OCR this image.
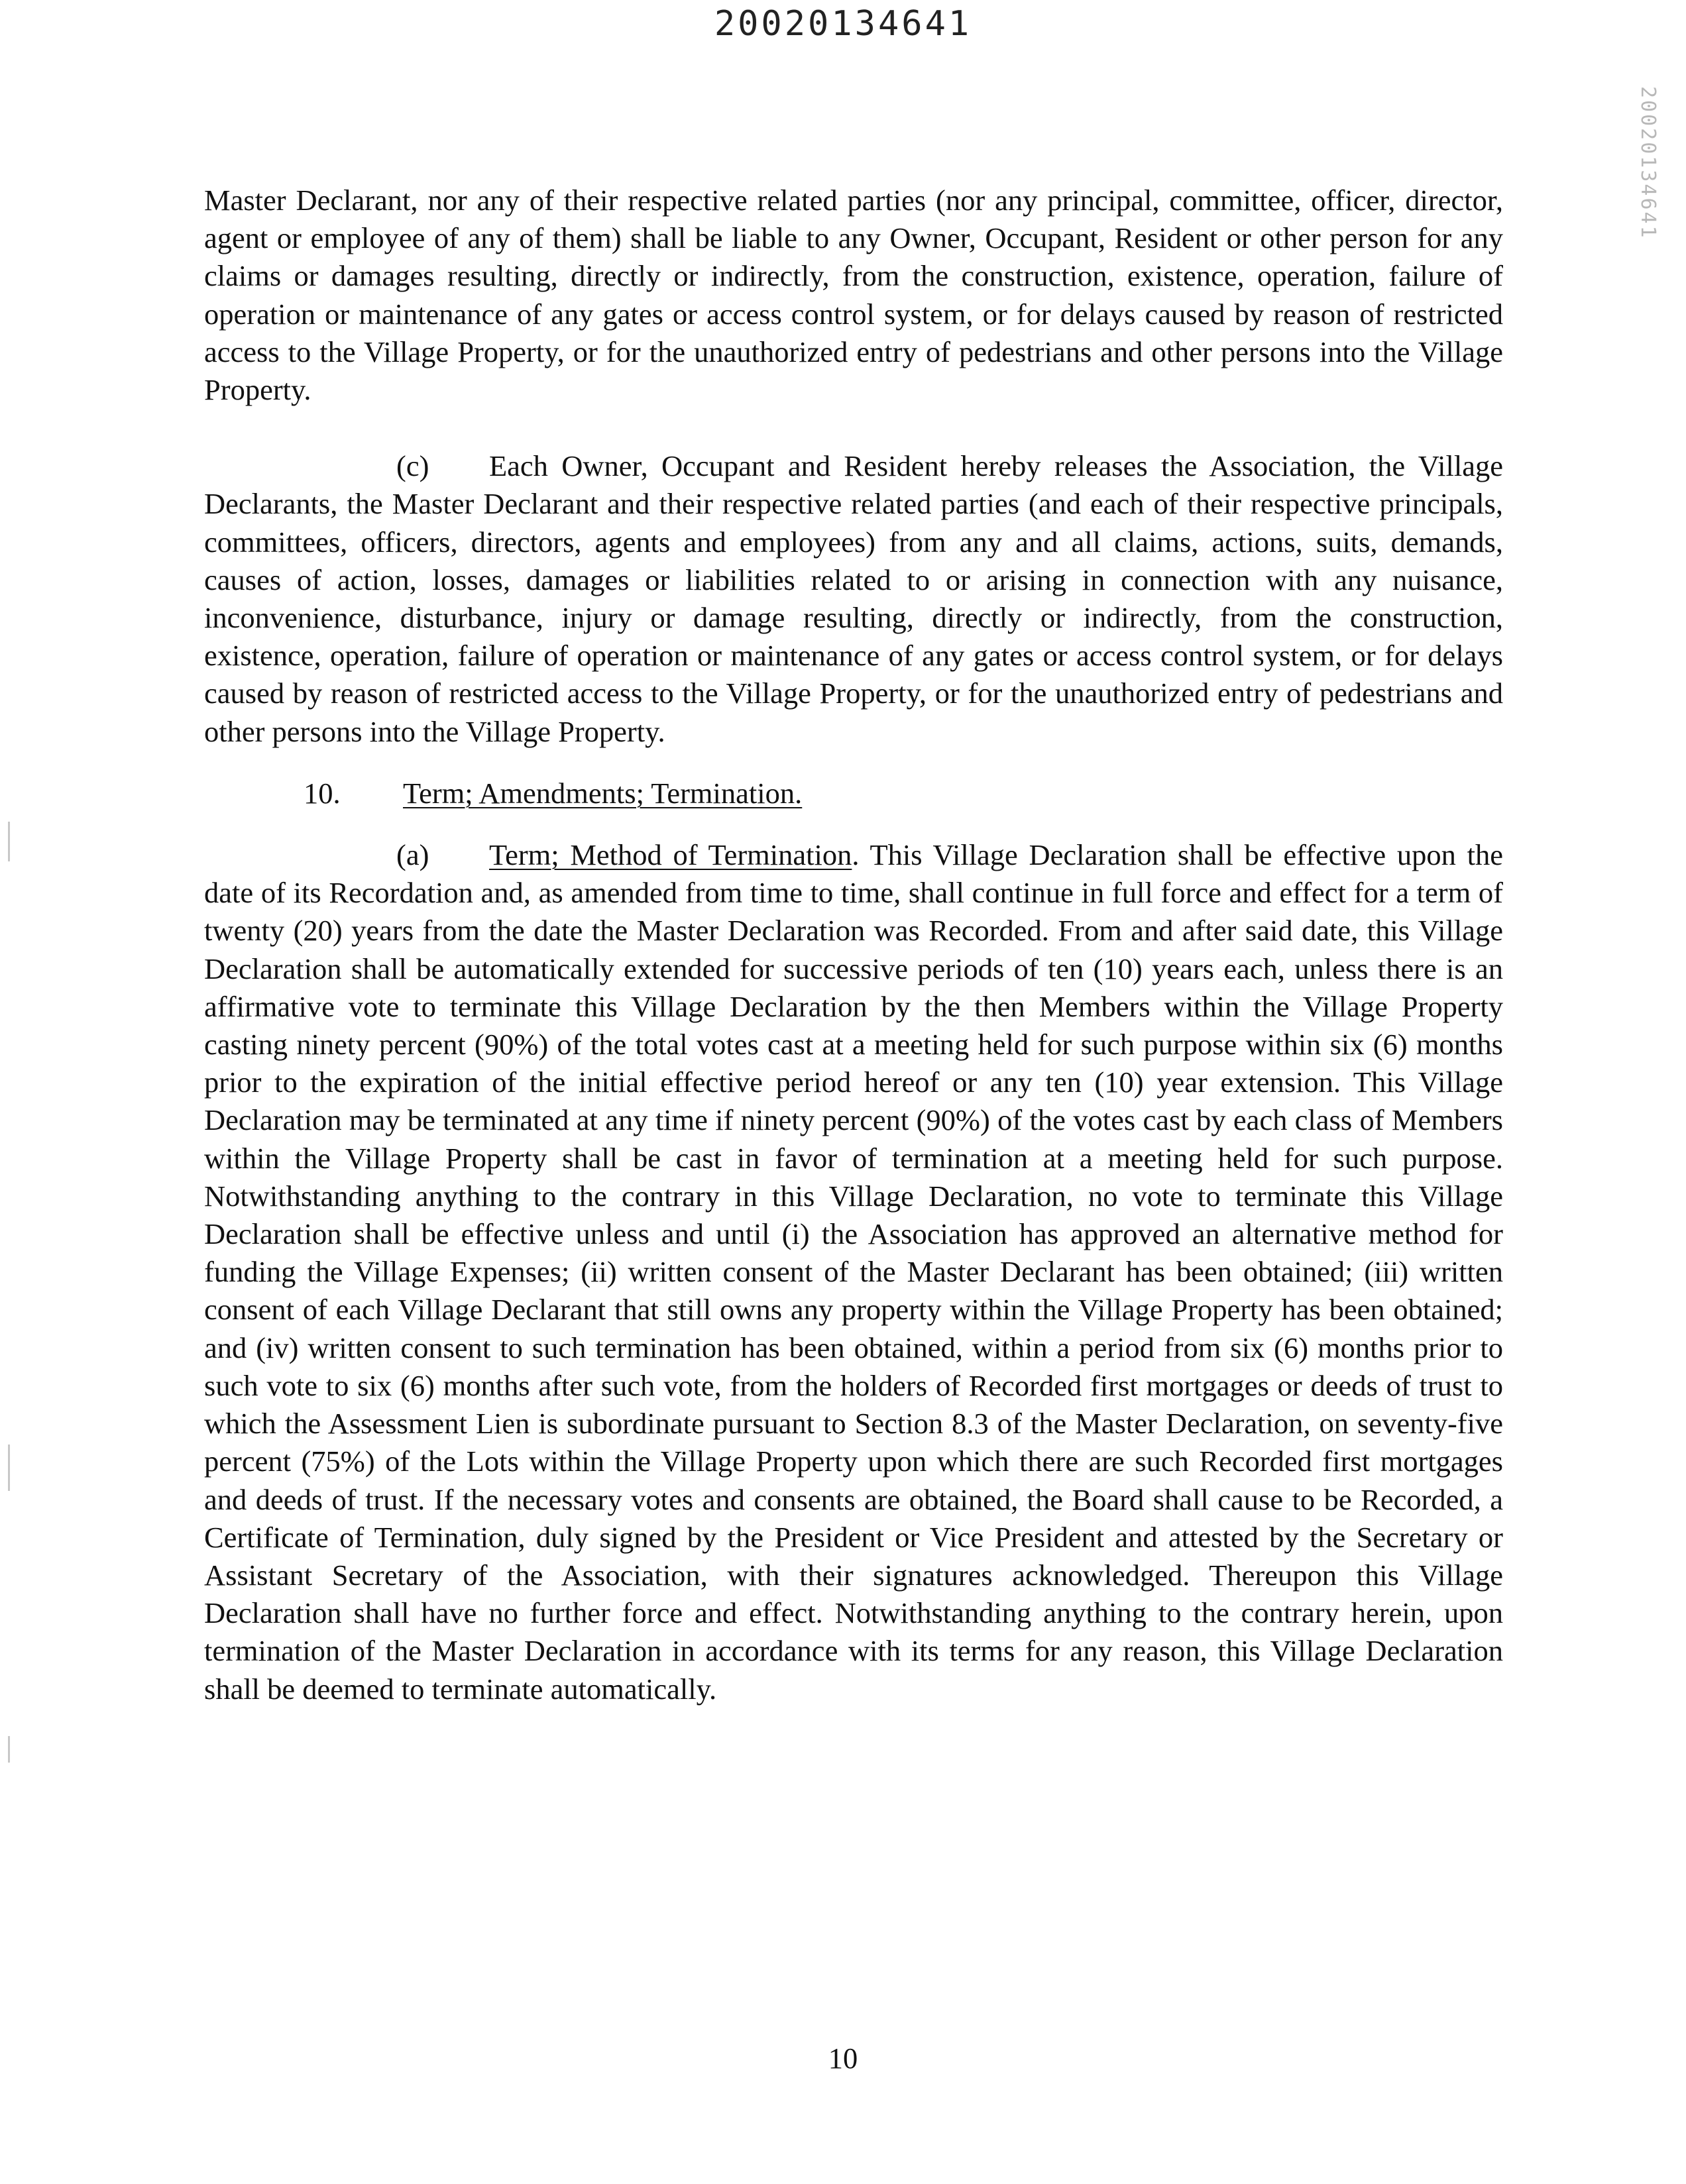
20020134641
20020134641

Master Declarant, nor any of their respective related parties (nor any principal, committee, officer, director, agent or employee of any of them) shall be liable to any Owner, Occupant, Resident or other person for any claims or damages resulting, directly or indirectly, from the construction, existence, operation, failure of operation or maintenance of any gates or access control system, or for delays caused by reason of restricted access to the Village Property, or for the unauthorized entry of pedestrians and other persons into the Village Property.

(c) Each Owner, Occupant and Resident hereby releases the Association, the Village Declarants, the Master Declarant and their respective related parties (and each of their respective principals, committees, officers, directors, agents and employees) from any and all claims, actions, suits, demands, causes of action, losses, damages or liabilities related to or arising in connection with any nuisance, inconvenience, disturbance, injury or damage resulting, directly or indirectly, from the construction, existence, operation, failure of operation or maintenance of any gates or access control system, or for delays caused by reason of restricted access to the Village Property, or for the unauthorized entry of pedestrians and other persons into the Village Property.

10. Term; Amendments; Termination.

(a) Term; Method of Termination. This Village Declaration shall be effective upon the date of its Recordation and, as amended from time to time, shall continue in full force and effect for a term of twenty (20) years from the date the Master Declaration was Recorded. From and after said date, this Village Declaration shall be automatically extended for successive periods of ten (10) years each, unless there is an affirmative vote to terminate this Village Declaration by the then Members within the Village Property casting ninety percent (90%) of the total votes cast at a meeting held for such purpose within six (6) months prior to the expiration of the initial effective period hereof or any ten (10) year extension. This Village Declaration may be terminated at any time if ninety percent (90%) of the votes cast by each class of Members within the Village Property shall be cast in favor of termination at a meeting held for such purpose. Notwithstanding anything to the contrary in this Village Declaration, no vote to terminate this Village Declaration shall be effective unless and until (i) the Association has approved an alternative method for funding the Village Expenses; (ii) written consent of the Master Declarant has been obtained; (iii) written consent of each Village Declarant that still owns any property within the Village Property has been obtained; and (iv) written consent to such termination has been obtained, within a period from six (6) months prior to such vote to six (6) months after such vote, from the holders of Recorded first mortgages or deeds of trust to which the Assessment Lien is subordinate pursuant to Section 8.3 of the Master Declaration, on seventy-five percent (75%) of the Lots within the Village Property upon which there are such Recorded first mortgages and deeds of trust. If the necessary votes and consents are obtained, the Board shall cause to be Recorded, a Certificate of Termination, duly signed by the President or Vice President and attested by the Secretary or Assistant Secretary of the Association, with their signatures acknowledged. Thereupon this Village Declaration shall have no further force and effect. Notwithstanding anything to the contrary herein, upon termination of the Master Declaration in accordance with its terms for any reason, this Village Declaration shall be deemed to terminate automatically.

10
